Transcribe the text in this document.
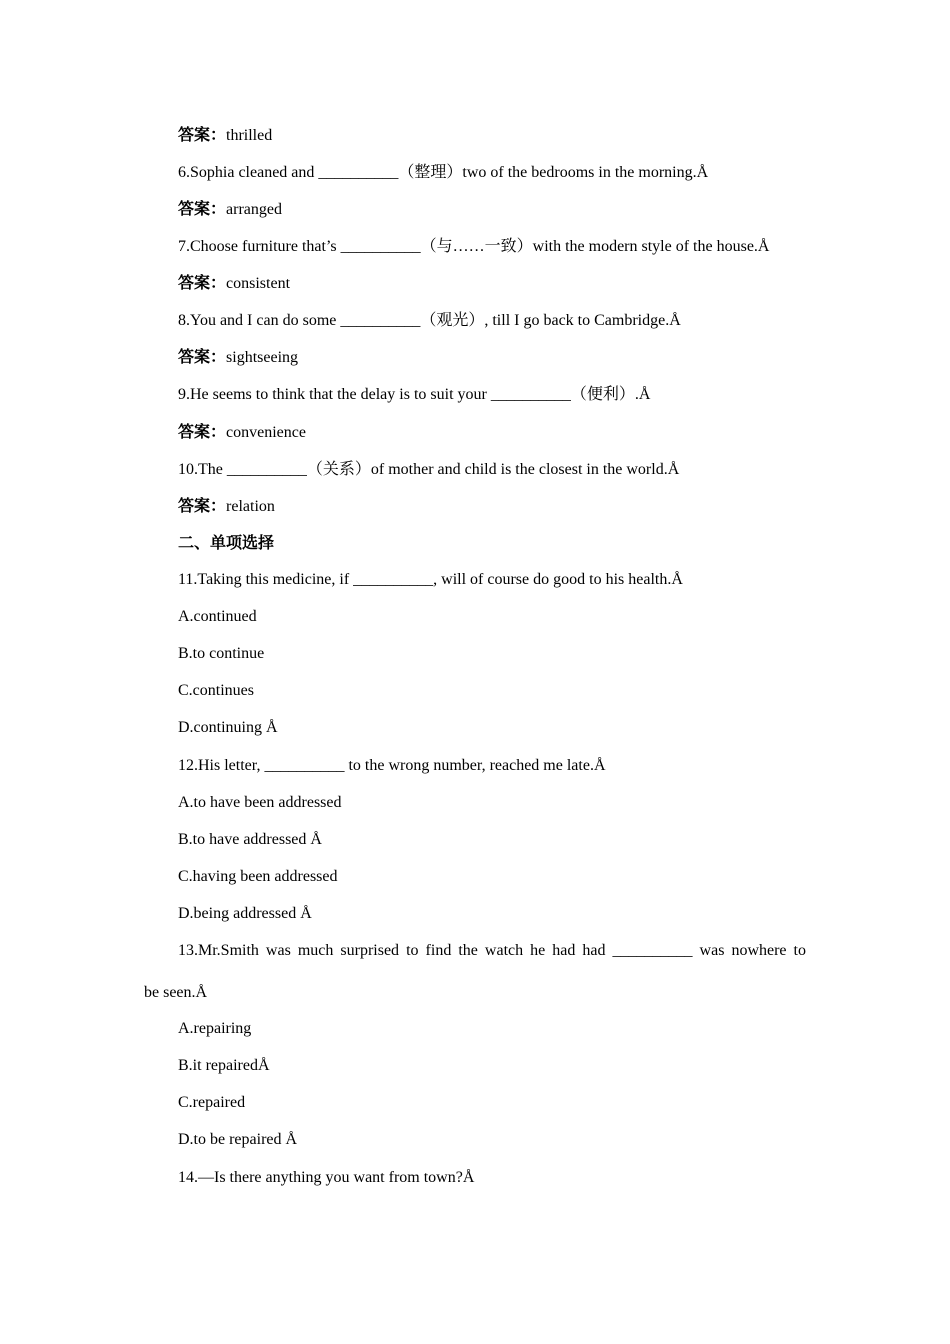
答案：thrilled
6.Sophia cleaned and __________（整理）two of the bedrooms in the morning.Å
答案：arranged
7.Choose furniture that’s __________（与……一致）with the modern style of the house.Å
答案：consistent
8.You and I can do some __________（观光）, till I go back to Cambridge.Å
答案：sightseeing
9.He seems to think that the delay is to suit your __________（便利）.Å
答案：convenience
10.The __________（关系）of mother and child is the closest in the world.Å
答案：relation
二、单项选择
11.Taking this medicine, if __________, will of course do good to his health.Å
A.continued
B.to continue
C.continues
D.continuing Å
12.His letter, __________ to the wrong number, reached me late.Å
A.to have been addressed
B.to have addressed Å
C.having been addressed
D.being addressed Å
13.Mr.Smith was much surprised to find the watch he had had __________ was nowhere to
be seen.Å
A.repairing
B.it repairedÅ
C.repaired
D.to be repaired Å
14.—Is there anything you want from town?Å
